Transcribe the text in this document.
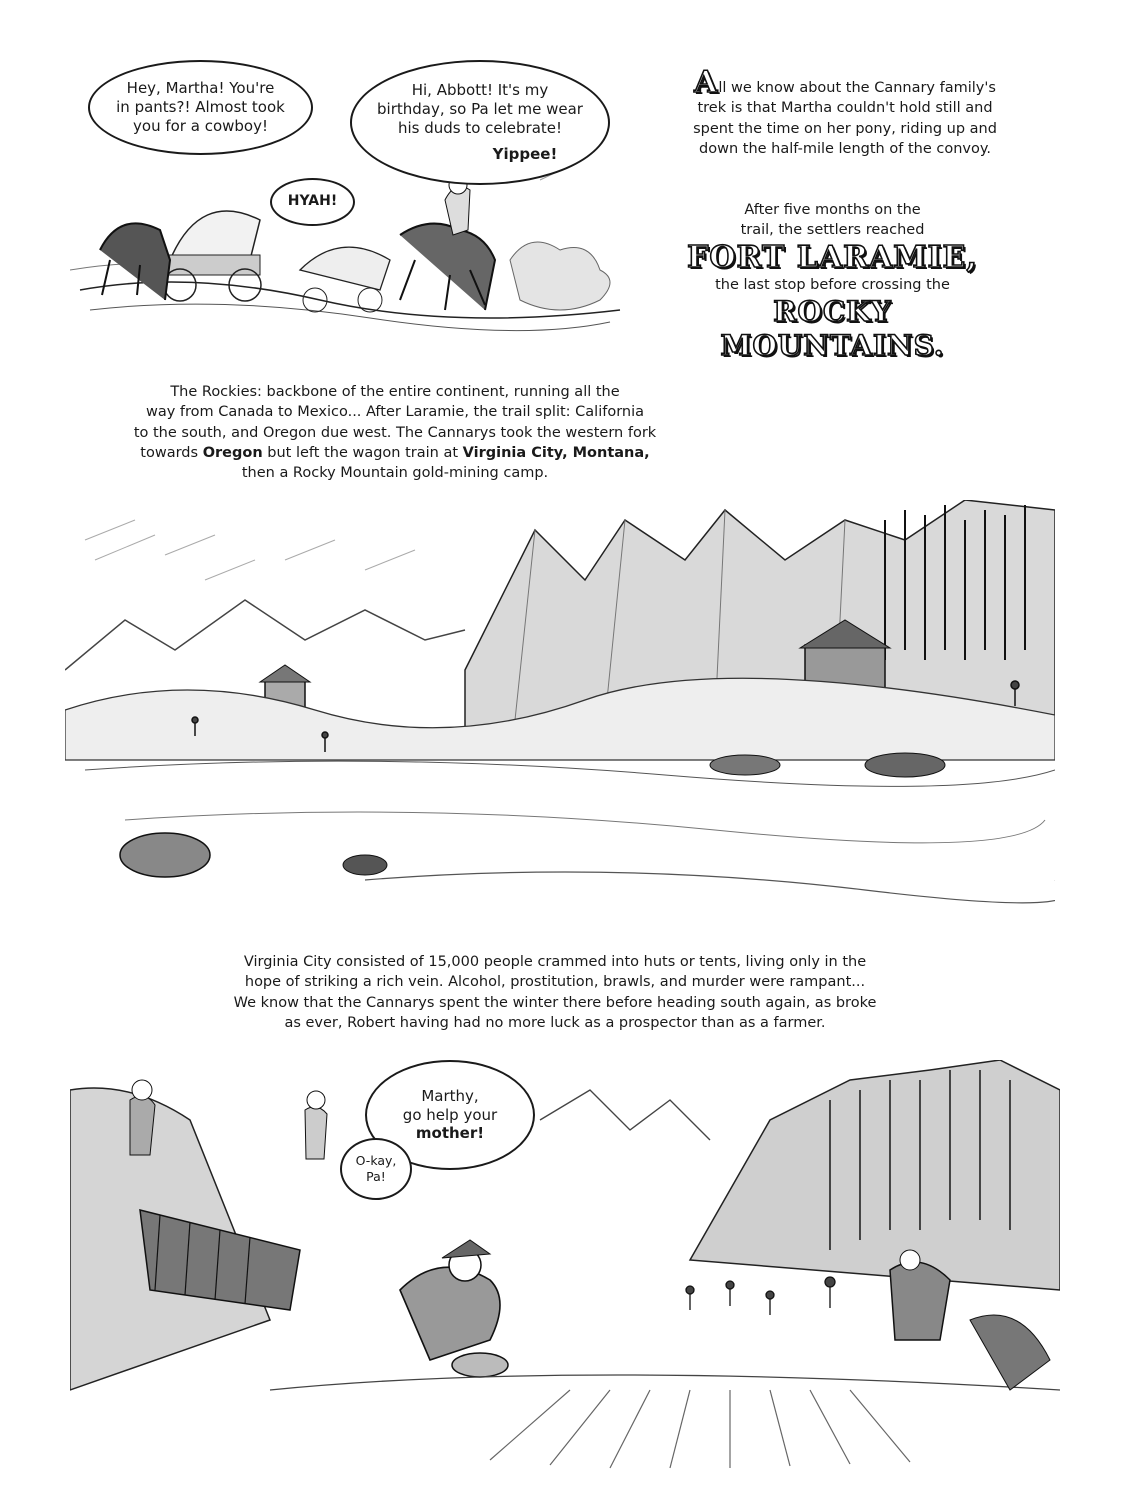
Hey, Martha! You're
in pants?! Almost took
you for a cowboy!
Hi, Abbott! It's my
birthday, so Pa let me wear
his duds to celebrate!
Yippee!
HYAH!
All we know about the Cannary family's
trek is that Martha couldn't hold still and
spent the time on her pony, riding up and
down the half-mile length of the convoy.
After five months on the
trail, the settlers reached
FORT LARAMIE,
the last stop before crossing the
ROCKY MOUNTAINS.
The Rockies: backbone of the entire continent, running all the
way from Canada to Mexico... After Laramie, the trail split: California
to the south, and Oregon due west. The Cannarys took the western fork
towards Oregon but left the wagon train at Virginia City, Montana,
then a Rocky Mountain gold-mining camp.
Virginia City consisted of 15,000 people crammed into huts or tents, living only in the
hope of striking a rich vein. Alcohol, prostitution, brawls, and murder were rampant...
We know that the Cannarys spent the winter there before heading south again, as broke
as ever, Robert having had no more luck as a prospector than as a farmer.
Marthy,
go help your
mother!
O-kay,
Pa!
